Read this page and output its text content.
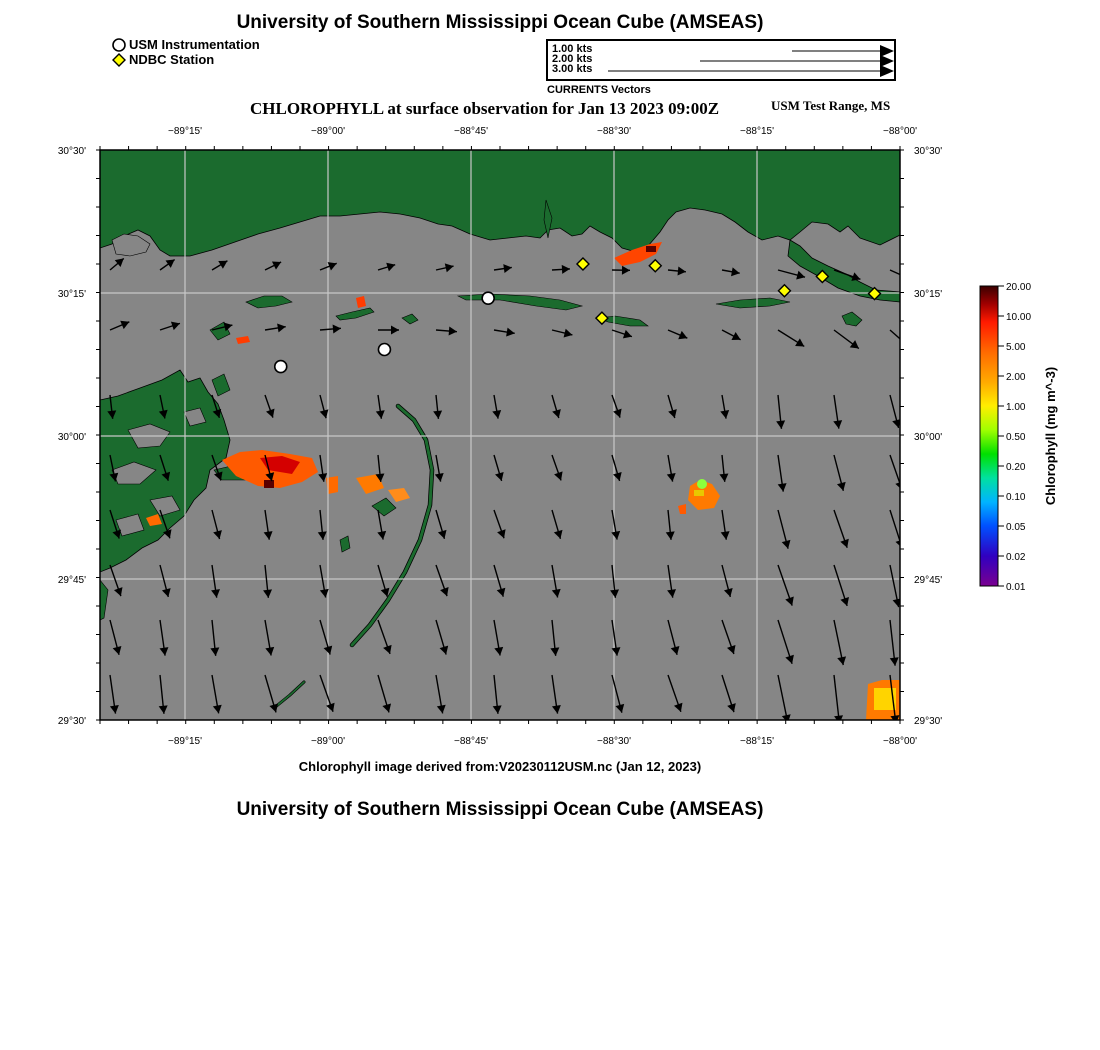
University of Southern Mississippi Ocean Cube (AMSEAS)
USM Instrumentation
NDBC Station
1.00 kts
2.00 kts
3.00 kts
CURRENTS Vectors
CHLOROPHYLL at surface observation for Jan 13 2023 09:00Z	USM Test Range, MS
−89°15'	−89°00'	−88°45'	−88°30'	−88°15'	−88°00'
−89°15'	−89°00'	−88°45'	−88°30'	−88°15'	−88°00'
30°30'
30°15'
30°00'
29°45'
29°30'
30°30'
30°15'
30°00'
29°45'
29°30'
20.00
10.00
5.00
2.00
1.00
0.50
0.20
0.10
0.05
0.02
0.01
Chlorophyll (mg m^-3)
Chlorophyll image derived from:V20230112USM.nc (Jan 12, 2023)
University of Southern Mississippi Ocean Cube (AMSEAS)
